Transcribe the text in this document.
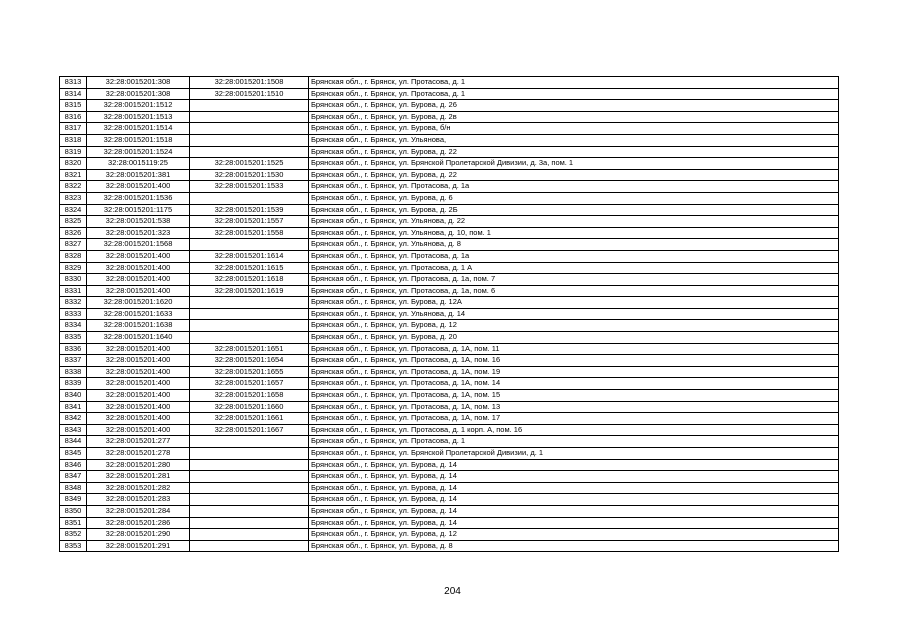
8313	32:28:0015201:308	32:28:0015201:1508	Брянская обл., г. Брянск, ул. Протасова, д. 1
8314	32:28:0015201:308	32:28:0015201:1510	Брянская обл., г. Брянск, ул. Протасова, д. 1
8315	32:28:0015201:1512		Брянская обл., г. Брянск, ул. Бурова, д. 26
8316	32:28:0015201:1513		Брянская обл., г. Брянск, ул. Бурова, д. 2в
8317	32:28:0015201:1514		Брянская обл., г. Брянск, ул. Бурова, б/н
8318	32:28:0015201:1518		Брянская обл., г. Брянск, ул. Ульянова,
8319	32:28:0015201:1524		Брянская обл., г. Брянск, ул. Бурова, д. 22
8320	32:28:0015119:25	32:28:0015201:1525	Брянская обл., г. Брянск, ул. Брянской Пролетарской Дивизии, д. 3а, пом. 1
8321	32:28:0015201:381	32:28:0015201:1530	Брянская обл., г. Брянск, ул. Бурова, д. 22
8322	32:28:0015201:400	32:28:0015201:1533	Брянская обл., г. Брянск, ул. Протасова, д. 1а
8323	32:28:0015201:1536		Брянская обл., г. Брянск, ул. Бурова, д. 6
8324	32:28:0015201:1175	32:28:0015201:1539	Брянская обл., г. Брянск, ул. Бурова, д. 2Б
8325	32:28:0015201:538	32:28:0015201:1557	Брянская обл., г. Брянск, ул. Ульянова, д. 22
8326	32:28:0015201:323	32:28:0015201:1558	Брянская обл., г. Брянск, ул. Ульянова, д. 10, пом. 1
8327	32:28:0015201:1568		Брянская обл., г. Брянск, ул. Ульянова, д. 8
8328	32:28:0015201:400	32:28:0015201:1614	Брянская обл., г. Брянск, ул. Протасова, д. 1а
8329	32:28:0015201:400	32:28:0015201:1615	Брянская обл., г. Брянск, ул. Протасова, д. 1 А
8330	32:28:0015201:400	32:28:0015201:1618	Брянская обл., г. Брянск, ул. Протасова, д. 1а, пом. 7
8331	32:28:0015201:400	32:28:0015201:1619	Брянская обл., г. Брянск, ул. Протасова, д. 1а, пом. 6
8332	32:28:0015201:1620		Брянская обл., г. Брянск, ул. Бурова, д. 12А
8333	32:28:0015201:1633		Брянская обл., г. Брянск, ул. Ульянова, д. 14
8334	32:28:0015201:1638		Брянская обл., г. Брянск, ул. Бурова, д. 12
8335	32:28:0015201:1640		Брянская обл., г. Брянск, ул. Бурова, д. 20
8336	32:28:0015201:400	32:28:0015201:1651	Брянская обл., г. Брянск, ул. Протасова, д. 1А, пом. 11
8337	32:28:0015201:400	32:28:0015201:1654	Брянская обл., г. Брянск, ул. Протасова, д. 1А, пом. 16
8338	32:28:0015201:400	32:28:0015201:1655	Брянская обл., г. Брянск, ул. Протасова, д. 1А, пом. 19
8339	32:28:0015201:400	32:28:0015201:1657	Брянская обл., г. Брянск, ул. Протасова, д. 1А, пом. 14
8340	32:28:0015201:400	32:28:0015201:1658	Брянская обл., г. Брянск, ул. Протасова, д. 1А, пом. 15
8341	32:28:0015201:400	32:28:0015201:1660	Брянская обл., г. Брянск, ул. Протасова, д. 1А, пом. 13
8342	32:28:0015201:400	32:28:0015201:1661	Брянская обл., г. Брянск, ул. Протасова, д. 1А, пом. 17
8343	32:28:0015201:400	32:28:0015201:1667	Брянская обл., г. Брянск, ул. Протасова, д. 1 корп. А, пом. 16
8344	32:28:0015201:277		Брянская обл., г. Брянск, ул. Протасова, д. 1
8345	32:28:0015201:278		Брянская обл., г. Брянск, ул. Брянской Пролетарской Дивизии, д. 1
8346	32:28:0015201:280		Брянская обл., г. Брянск, ул. Бурова, д. 14
8347	32:28:0015201:281		Брянская обл., г. Брянск, ул. Бурова, д. 14
8348	32:28:0015201:282		Брянская обл., г. Брянск, ул. Бурова, д. 14
8349	32:28:0015201:283		Брянская обл., г. Брянск, ул. Бурова, д. 14
8350	32:28:0015201:284		Брянская обл., г. Брянск, ул. Бурова, д. 14
8351	32:28:0015201:286		Брянская обл., г. Брянск, ул. Бурова, д. 14
8352	32:28:0015201:290		Брянская обл., г. Брянск, ул. Бурова, д. 12
8353	32:28:0015201:291		Брянская обл., г. Брянск, ул. Бурова, д. 8
204
